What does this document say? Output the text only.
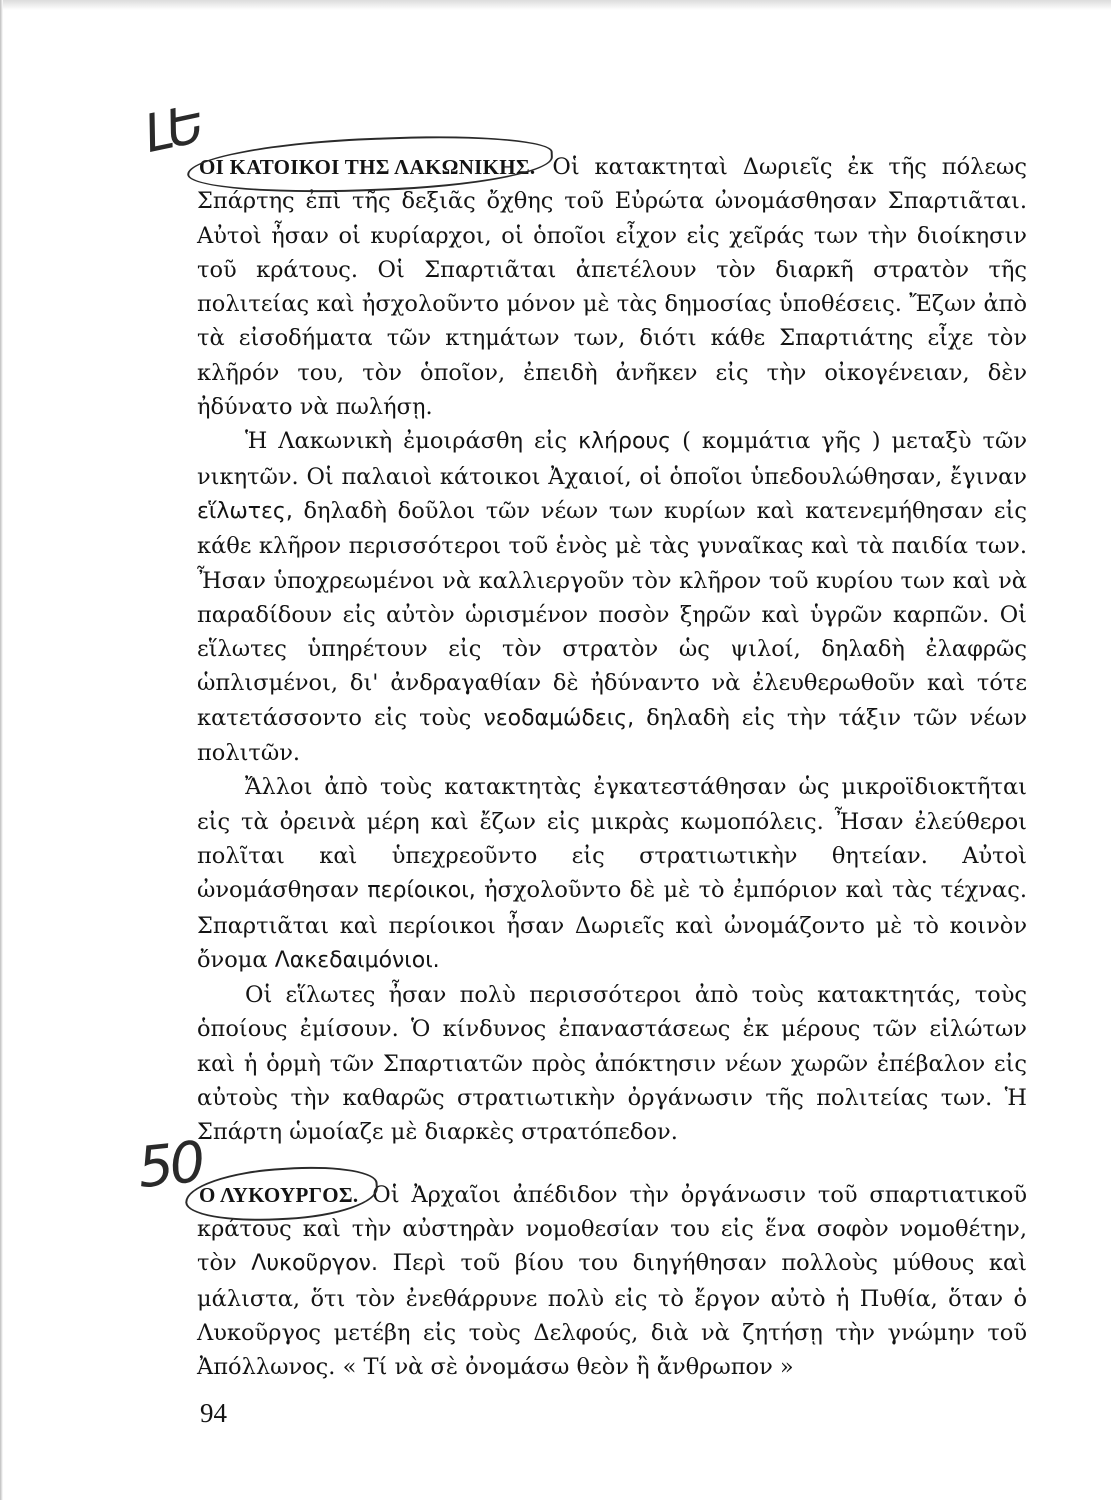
ԼԵ
50

ΟΙ ΚΑΤΟΙΚΟΙ ΤΗΣ ΛΑΚΩΝΙΚΗΣ. Οἱ κατακτηταὶ Δωριεῖς ἐκ τῆς πόλεως Σπάρτης ἐπὶ τῆς δεξιᾶς ὄχθης τοῦ Εὐρώτα ὠνομάσθησαν Σπαρτιᾶται. Αὐτοὶ ἦσαν οἱ κυρίαρχοι, οἱ ὁποῖοι εἶχον εἰς χεῖράς των τὴν διοίκησιν τοῦ κράτους. Οἱ Σπαρτιᾶται ἀπετέλουν τὸν διαρκῆ στρατὸν τῆς πολιτείας καὶ ἠσχολοῦντο μόνον μὲ τὰς δημοσίας ὑποθέσεις. Ἔζων ἀπὸ τὰ εἰσοδήματα τῶν κτημάτων των, διότι κάθε Σπαρτιάτης εἶχε τὸν κλῆρόν του, τὸν ὁποῖον, ἐπειδὴ ἀνῆκεν εἰς τὴν οἰκογένειαν, δὲν ἠδύνατο νὰ πωλήσῃ.

Ἡ Λακωνικὴ ἐμοιράσθη εἰς κλήρους ( κομμάτια γῆς ) μεταξὺ τῶν νικητῶν. Οἱ παλαιοὶ κάτοικοι Ἀχαιοί, οἱ ὁποῖοι ὑπεδουλώθησαν, ἔγιναν εἵλωτες, δηλαδὴ δοῦλοι τῶν νέων των κυρίων καὶ κατενεμήθησαν εἰς κάθε κλῆρον περισσότεροι τοῦ ἑνὸς μὲ τὰς γυναῖκας καὶ τὰ παιδία των. Ἦσαν ὑποχρεωμένοι νὰ καλλιεργοῦν τὸν κλῆρον τοῦ κυρίου των καὶ νὰ παραδίδουν εἰς αὐτὸν ὡρισμένον ποσὸν ξηρῶν καὶ ὑγρῶν καρπῶν. Οἱ εἵλωτες ὑπηρέτουν εἰς τὸν στρατὸν ὡς ψιλοί, δηλαδὴ ἐλαφρῶς ὡπλισμένοι, δι' ἀνδραγαθίαν δὲ ἠδύναντο νὰ ἐλευθερωθοῦν καὶ τότε κατετάσσοντο εἰς τοὺς νεοδαμώδεις, δηλαδὴ εἰς τὴν τάξιν τῶν νέων πολιτῶν.

Ἄλλοι ἀπὸ τοὺς κατακτητὰς ἐγκατεστάθησαν ὡς μικροϊδιοκτῆται εἰς τὰ ὀρεινὰ μέρη καὶ ἔζων εἰς μικρὰς κωμοπόλεις. Ἦσαν ἐλεύθεροι πολῖται καὶ ὑπεχρεοῦντο εἰς στρατιωτικὴν θητείαν. Αὐτοὶ ὠνομάσθησαν περίοικοι, ἠσχολοῦντο δὲ μὲ τὸ ἐμπόριον καὶ τὰς τέχνας. Σπαρτιᾶται καὶ περίοικοι ἦσαν Δωριεῖς καὶ ὠνομάζοντο μὲ τὸ κοινὸν ὄνομα Λακεδαιμόνιοι.

Οἱ εἵλωτες ἦσαν πολὺ περισσότεροι ἀπὸ τοὺς κατακτητάς, τοὺς ὁποίους ἐμίσουν. Ὁ κίνδυνος ἐπαναστάσεως ἐκ μέρους τῶν εἱλώτων καὶ ἡ ὁρμὴ τῶν Σπαρτιατῶν πρὸς ἀπόκτησιν νέων χωρῶν ἐπέβαλον εἰς αὐτοὺς τὴν καθαρῶς στρατιωτικὴν ὀργάνωσιν τῆς πολιτείας των. Ἡ Σπάρτη ὡμοίαζε μὲ διαρκὲς στρατόπεδον.

Ο ΛΥΚΟΥΡΓΟΣ. Οἱ Ἀρχαῖοι ἀπέδιδον τὴν ὀργάνωσιν τοῦ σπαρτιατικοῦ κράτους καὶ τὴν αὐστηρὰν νομοθεσίαν του εἰς ἕνα σοφὸν νομοθέτην, τὸν Λυκοῦργον. Περὶ τοῦ βίου του διηγήθησαν πολλοὺς μύθους καὶ μάλιστα, ὅτι τὸν ἐνεθάρρυνε πολὺ εἰς τὸ ἔργον αὐτὸ ἡ Πυθία, ὅταν ὁ Λυκοῦργος μετέβη εἰς τοὺς Δελφούς, διὰ νὰ ζητήσῃ τὴν γνώμην τοῦ Ἀπόλλωνος. « Τί νὰ σὲ ὀνομάσω θεὸν ἢ ἄνθρωπον »

94
